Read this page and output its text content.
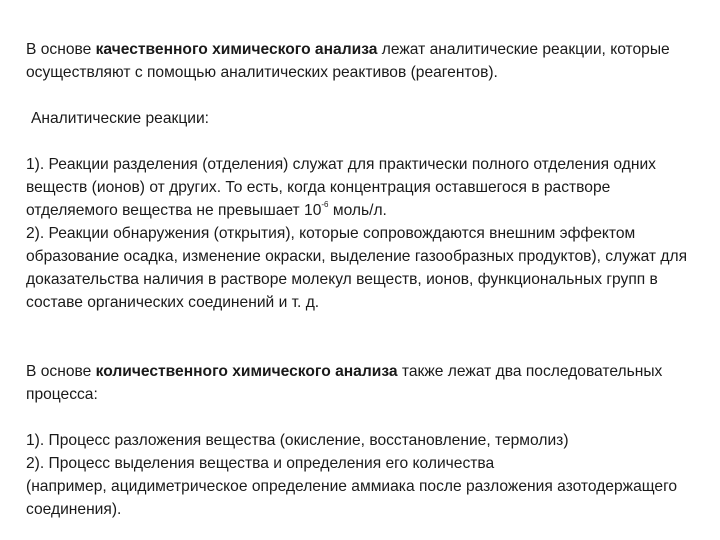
В основе качественного химического анализа лежат аналитические реакции, которые осуществляют с помощью аналитических реактивов (реагентов).

Аналитические реакции:

1). Реакции разделения (отделения) служат для практически полного отделения одних веществ (ионов) от других. То есть, когда концентрация оставшегося в растворе отделяемого вещества не превышает $10^{-6}$ моль/л.

2). Реакции обнаружения (открытия), которые сопровождаются внешним эффектом образование осадка, изменение окраски, выделение газообразных продуктов), служат для доказательства наличия в растворе молекул веществ, ионов, функциональных групп в составе органических соединений и т. д.

В основе количественного химического анализа также лежат два последовательных процесса:

1). Процесс разложения вещества (окисление, восстановление, термолиз)

2). Процесс выделения вещества и определения его количества

(например, ацидиметрическое определение аммиака после разложения азотодержащего соединения).
